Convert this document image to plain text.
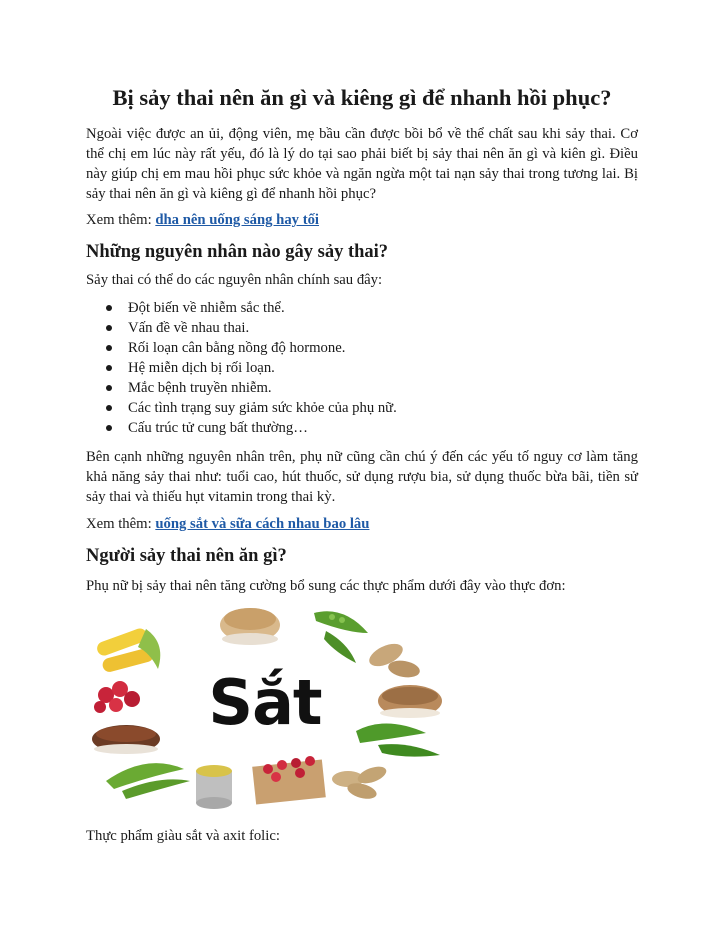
Bị sảy thai nên ăn gì và kiêng gì để nhanh hồi phục?

Ngoài việc được an ủi, động viên, mẹ bầu cần được bồi bổ về thể chất sau khi sảy thai. Cơ thể chị em lúc này rất yếu, đó là lý do tại sao phải biết bị sảy thai nên ăn gì và kiên gì. Điều này giúp chị em mau hồi phục sức khỏe và ngăn ngừa một tai nạn sảy thai trong tương lai. Bị sảy thai nên ăn gì và kiêng gì để nhanh hồi phục?

Xem thêm: dha nên uống sáng hay tối

Những nguyên nhân nào gây sảy thai?

Sảy thai có thể do các nguyên nhân chính sau đây:

Đột biến về nhiễm sắc thể.
Vấn đề về nhau thai.
Rối loạn cân bằng nồng độ hormone.
Hệ miễn dịch bị rối loạn.
Mắc bệnh truyền nhiễm.
Các tình trạng suy giảm sức khỏe của phụ nữ.
Cấu trúc tử cung bất thường…

Bên cạnh những nguyên nhân trên, phụ nữ cũng cần chú ý đến các yếu tố nguy cơ làm tăng khả năng sảy thai như: tuổi cao, hút thuốc, sử dụng rượu bia, sử dụng thuốc bừa bãi, tiền sử sảy thai và thiếu hụt vitamin trong thai kỳ.

Xem thêm: uống sắt và sữa cách nhau bao lâu

Người sảy thai nên ăn gì?

Phụ nữ bị sảy thai nên tăng cường bổ sung các thực phẩm dưới đây vào thực đơn:

Sắt

Thực phẩm giàu sắt và axit folic:
